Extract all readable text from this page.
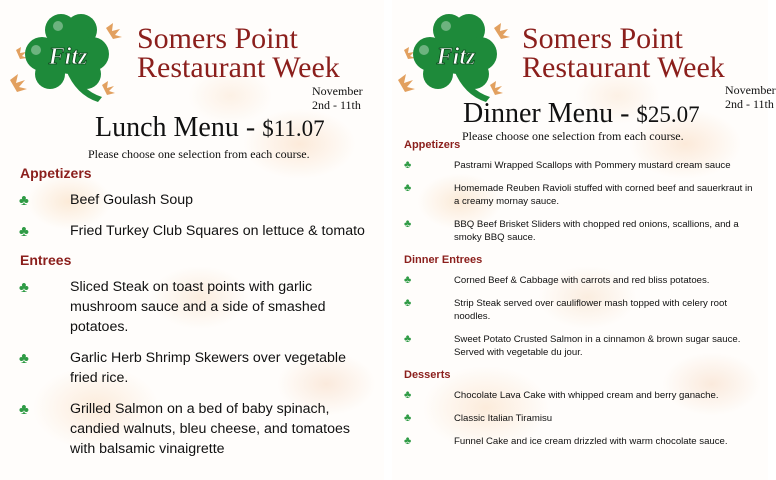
Fitz
Somers Point
Restaurant Week
November
2nd - 11th
Lunch Menu - $11.07
Please choose one selection from each course.
Appetizers
♣	Beef Goulash Soup
♣	Fried Turkey Club Squares on lettuce & tomato
Entrees
♣	Sliced Steak on toast points with garlic mushroom sauce and a side of smashed potatoes.
♣	Garlic Herb Shrimp Skewers over vegetable fried rice.
♣	Grilled Salmon on a bed of baby spinach, candied walnuts, bleu cheese, and tomatoes with balsamic vinaigrette
Fitz
Somers Point
Restaurant Week
November
2nd - 11th
Dinner Menu - $25.07
Please choose one selection from each course.
Appetizers
♣	Pastrami Wrapped Scallops with Pommery mustard cream sauce
♣	Homemade Reuben Ravioli stuffed with corned beef and sauerkraut in a creamy mornay sauce.
♣	BBQ Beef Brisket Sliders with chopped red onions, scallions, and a smoky BBQ sauce.
Dinner Entrees
♣	Corned Beef & Cabbage with carrots and red bliss potatoes.
♣	Strip Steak served over cauliflower mash topped with celery root noodles.
♣	Sweet Potato Crusted Salmon in a cinnamon & brown sugar sauce. Served with vegetable du jour.
Desserts
♣	Chocolate Lava Cake with whipped cream and berry ganache.
♣	Classic Italian Tiramisu
♣	Funnel Cake and ice cream drizzled with warm chocolate sauce.
